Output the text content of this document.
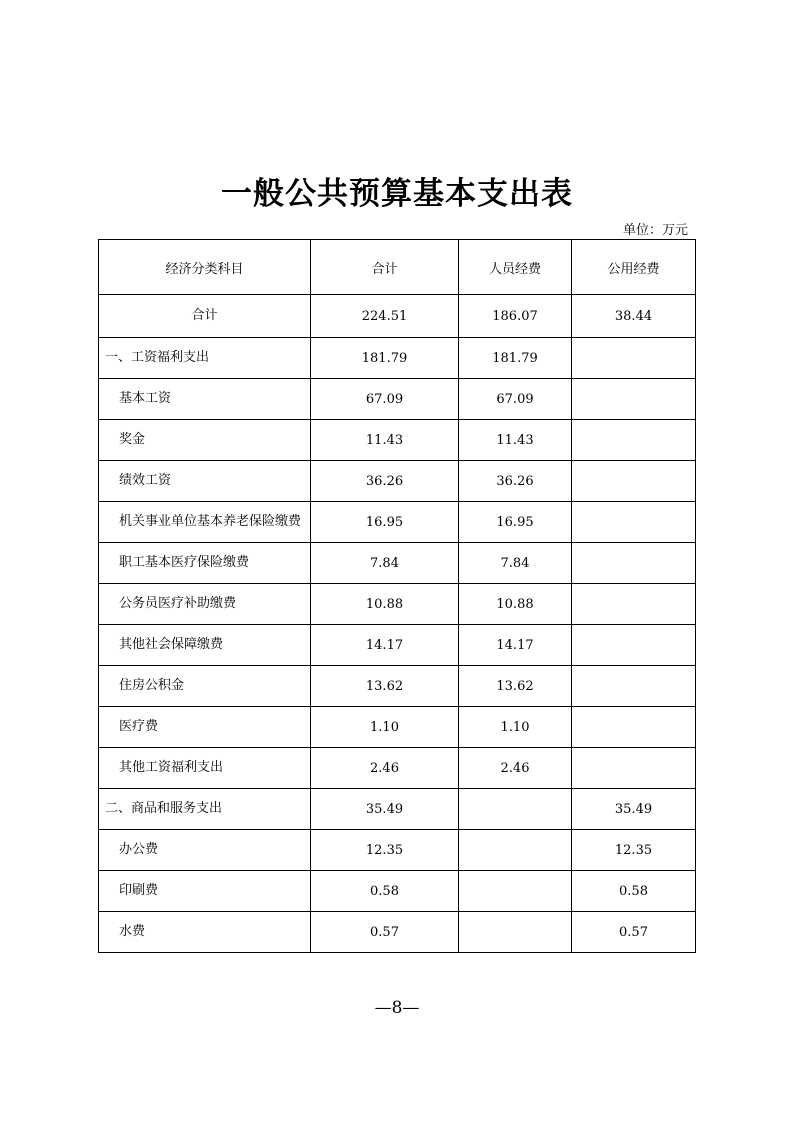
一般公共预算基本支出表
单位：万元
经济分类科目	合计	人员经费	公用经费
合计	224.51	186.07	38.44
一、工资福利支出	181.79	181.79	
基本工资	67.09	67.09	
奖金	11.43	11.43	
绩效工资	36.26	36.26	
机关事业单位基本养老保险缴费	16.95	16.95	
职工基本医疗保险缴费	7.84	7.84	
公务员医疗补助缴费	10.88	10.88	
其他社会保障缴费	14.17	14.17	
住房公积金	13.62	13.62	
医疗费	1.10	1.10	
其他工资福利支出	2.46	2.46	
二、商品和服务支出	35.49		35.49
办公费	12.35		12.35
印刷费	0.58		0.58
水费	0.57		0.57
—8—
